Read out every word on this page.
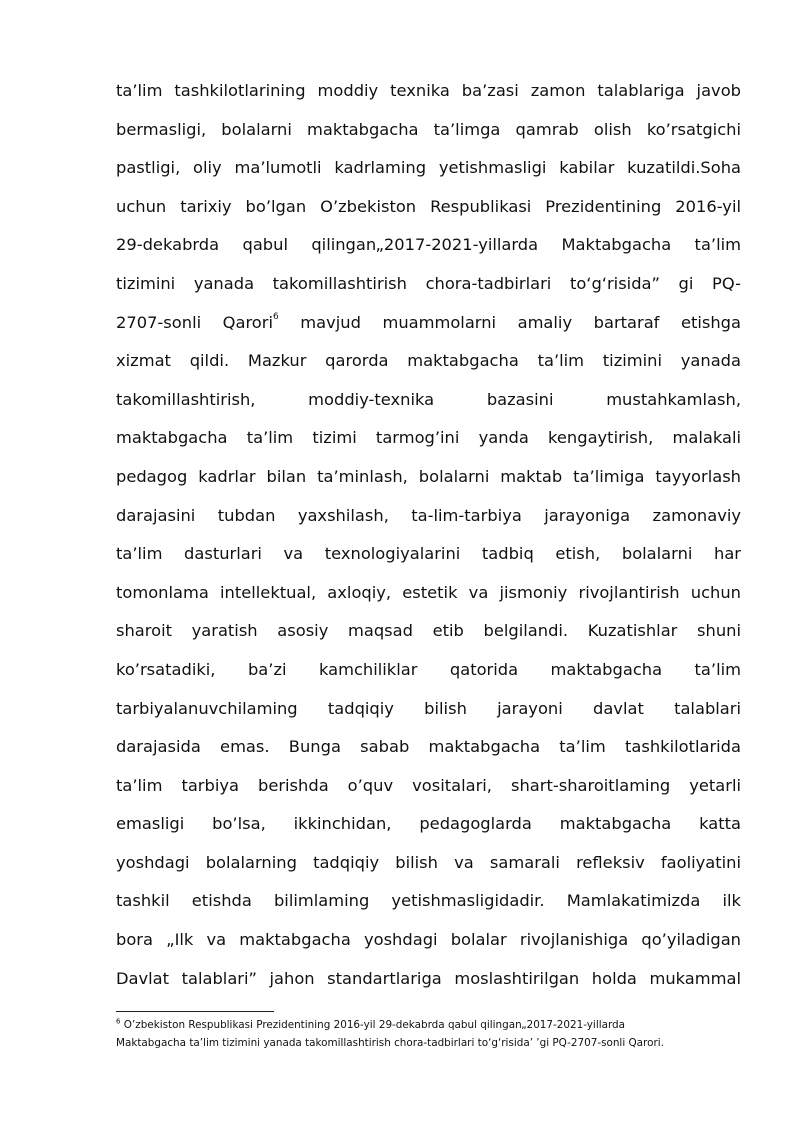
ta’lim tashkilotlarining moddiy texnika ba’zasi zamon talablariga javob
bermasligi, bolalarni maktabgacha ta’limga qamrab olish ko’rsatgichi
pastligi, oliy ma’lumotli kadrlaming yetishmasligi kabilar kuzatildi.Soha
uchun tarixiy bo’lgan O’zbekiston Respublikasi Prezidentining 2016-yil
29-dekabrda qabul qilingan„2017-2021-yillarda Maktabgacha ta’lim
tizimini yanada takomillashtirish chora-tadbirlari to‘g‘risida” gi PQ-
2707-sonli Qarori$^6$ mavjud muammolarni amaliy bartaraf etishga
xizmat qildi. Mazkur qarorda maktabgacha ta’lim tizimini yanada
takomillashtirish, moddiy-texnika bazasini mustahkamlash,
maktabgacha ta’lim tizimi tarmog’ini yanda kengaytirish, malakali
pedagog kadrlar bilan ta’minlash, bolalarni maktab ta’limiga tayyorlash
darajasini tubdan yaxshilash, ta-lim-tarbiya jarayoniga zamonaviy
ta’lim dasturlari va texnologiyalarini tadbiq etish, bolalarni har
tomonlama intellektual, axloqiy, estetik va jismoniy rivojlantirish uchun
sharoit yaratish asosiy maqsad etib belgilandi. Kuzatishlar shuni
ko’rsatadiki, ba’zi kamchiliklar qatorida maktabgacha ta’lim
tarbiyalanuvchilaming tadqiqiy bilish jarayoni davlat talablari
darajasida emas. Bunga sabab maktabgacha ta’lim tashkilotlarida
ta’lim tarbiya berishda o’quv vositalari, shart-sharoitlaming yetarli
emasligi bo’lsa, ikkinchidan, pedagoglarda maktabgacha katta
yoshdagi bolalarning tadqiqiy bilish va samarali refleksiv faoliyatini
tashkil etishda bilimlaming yetishmasligidadir. Mamlakatimizda ilk
bora „Ilk va maktabgacha yoshdagi bolalar rivojlanishiga qo’yiladigan
Davlat talablari” jahon standartlariga moslashtirilgan holda mukammal
$^6$ O’zbekiston Respublikasi Prezidentining 2016-yil 29-dekabrda qabul qilingan„2017-2021-yillarda
Maktabgacha ta’lim tizimini yanada takomillashtirish chora-tadbirlari to‘g‘risida’ ’gi PQ-2707-sonli Qarori.
